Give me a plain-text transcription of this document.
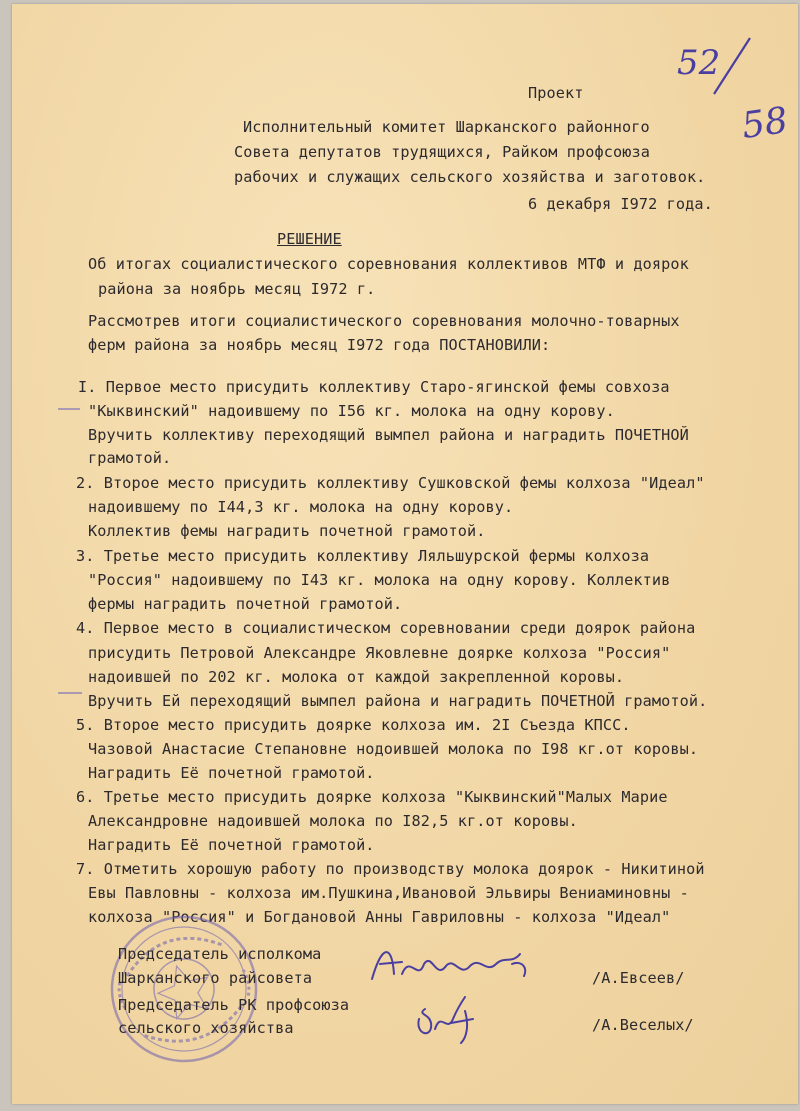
52
58
Проект
Исполнительный комитет Шарканского районного
Совета депутатов трудящихся, Райком профсоюза
рабочих и служащих сельского хозяйства и заготовок.
6 декабря I972 года.
РЕШЕНИЕ
Об итогах социалистического соревнования коллективов МТФ и доярок
района за ноябрь месяц I972 г.
Рассмотрев итоги социалистического соревнования молочно-товарных
ферм района за ноябрь месяц I972 года ПОСТАНОВИЛИ:
I. Первое место присудить коллективу Старо-ягинской фемы совхоза
"Кыквинский" надоившему по I56 кг. молока на одну корову.
Вручить коллективу переходящий вымпел района и наградить ПОЧЕТНОЙ
грамотой.
2. Второе место присудить коллективу Сушковской фемы колхоза "Идеал"
надоившему по I44,3 кг. молока на одну корову.
Коллектив фемы наградить почетной грамотой.
3. Третье место присудить коллективу Ляльшурской фермы колхоза
"Россия" надоившему по I43 кг. молока на одну корову. Коллектив
фермы наградить почетной грамотой.
4. Первое место в социалистическом соревновании среди доярок района
присудить Петровой Александре Яковлевне доярке колхоза "Россия"
надоившей по 202 кг. молока от каждой закрепленной коровы.
Вручить Ей переходящий вымпел района и наградить ПОЧЕТНОЙ грамотой.
5. Второе место присудить доярке колхоза им. 2I Съезда КПСС.
Чазовой Анастасие Степановне нодоившей молока по I98 кг.от коровы.
Наградить Её почетной грамотой.
6. Третье место присудить доярке колхоза "Кыквинский"Малых Марие
Александровне надоившей молока по I82,5 кг.от коровы.
Наградить Её почетной грамотой.
7. Отметить хорошую работу по производству молока доярок - Никитиной
Евы Павловны - колхоза им.Пушкина,Ивановой Эльвиры Вениаминовны -
колхоза "Россия" и Богдановой Анны Гавриловны - колхоза "Идеал"
Председатель исполкома
Шарканского райсовета	/А.Евсеев/
Председатель РК профсоюза
сельского хозяйства	/А.Веселых/
